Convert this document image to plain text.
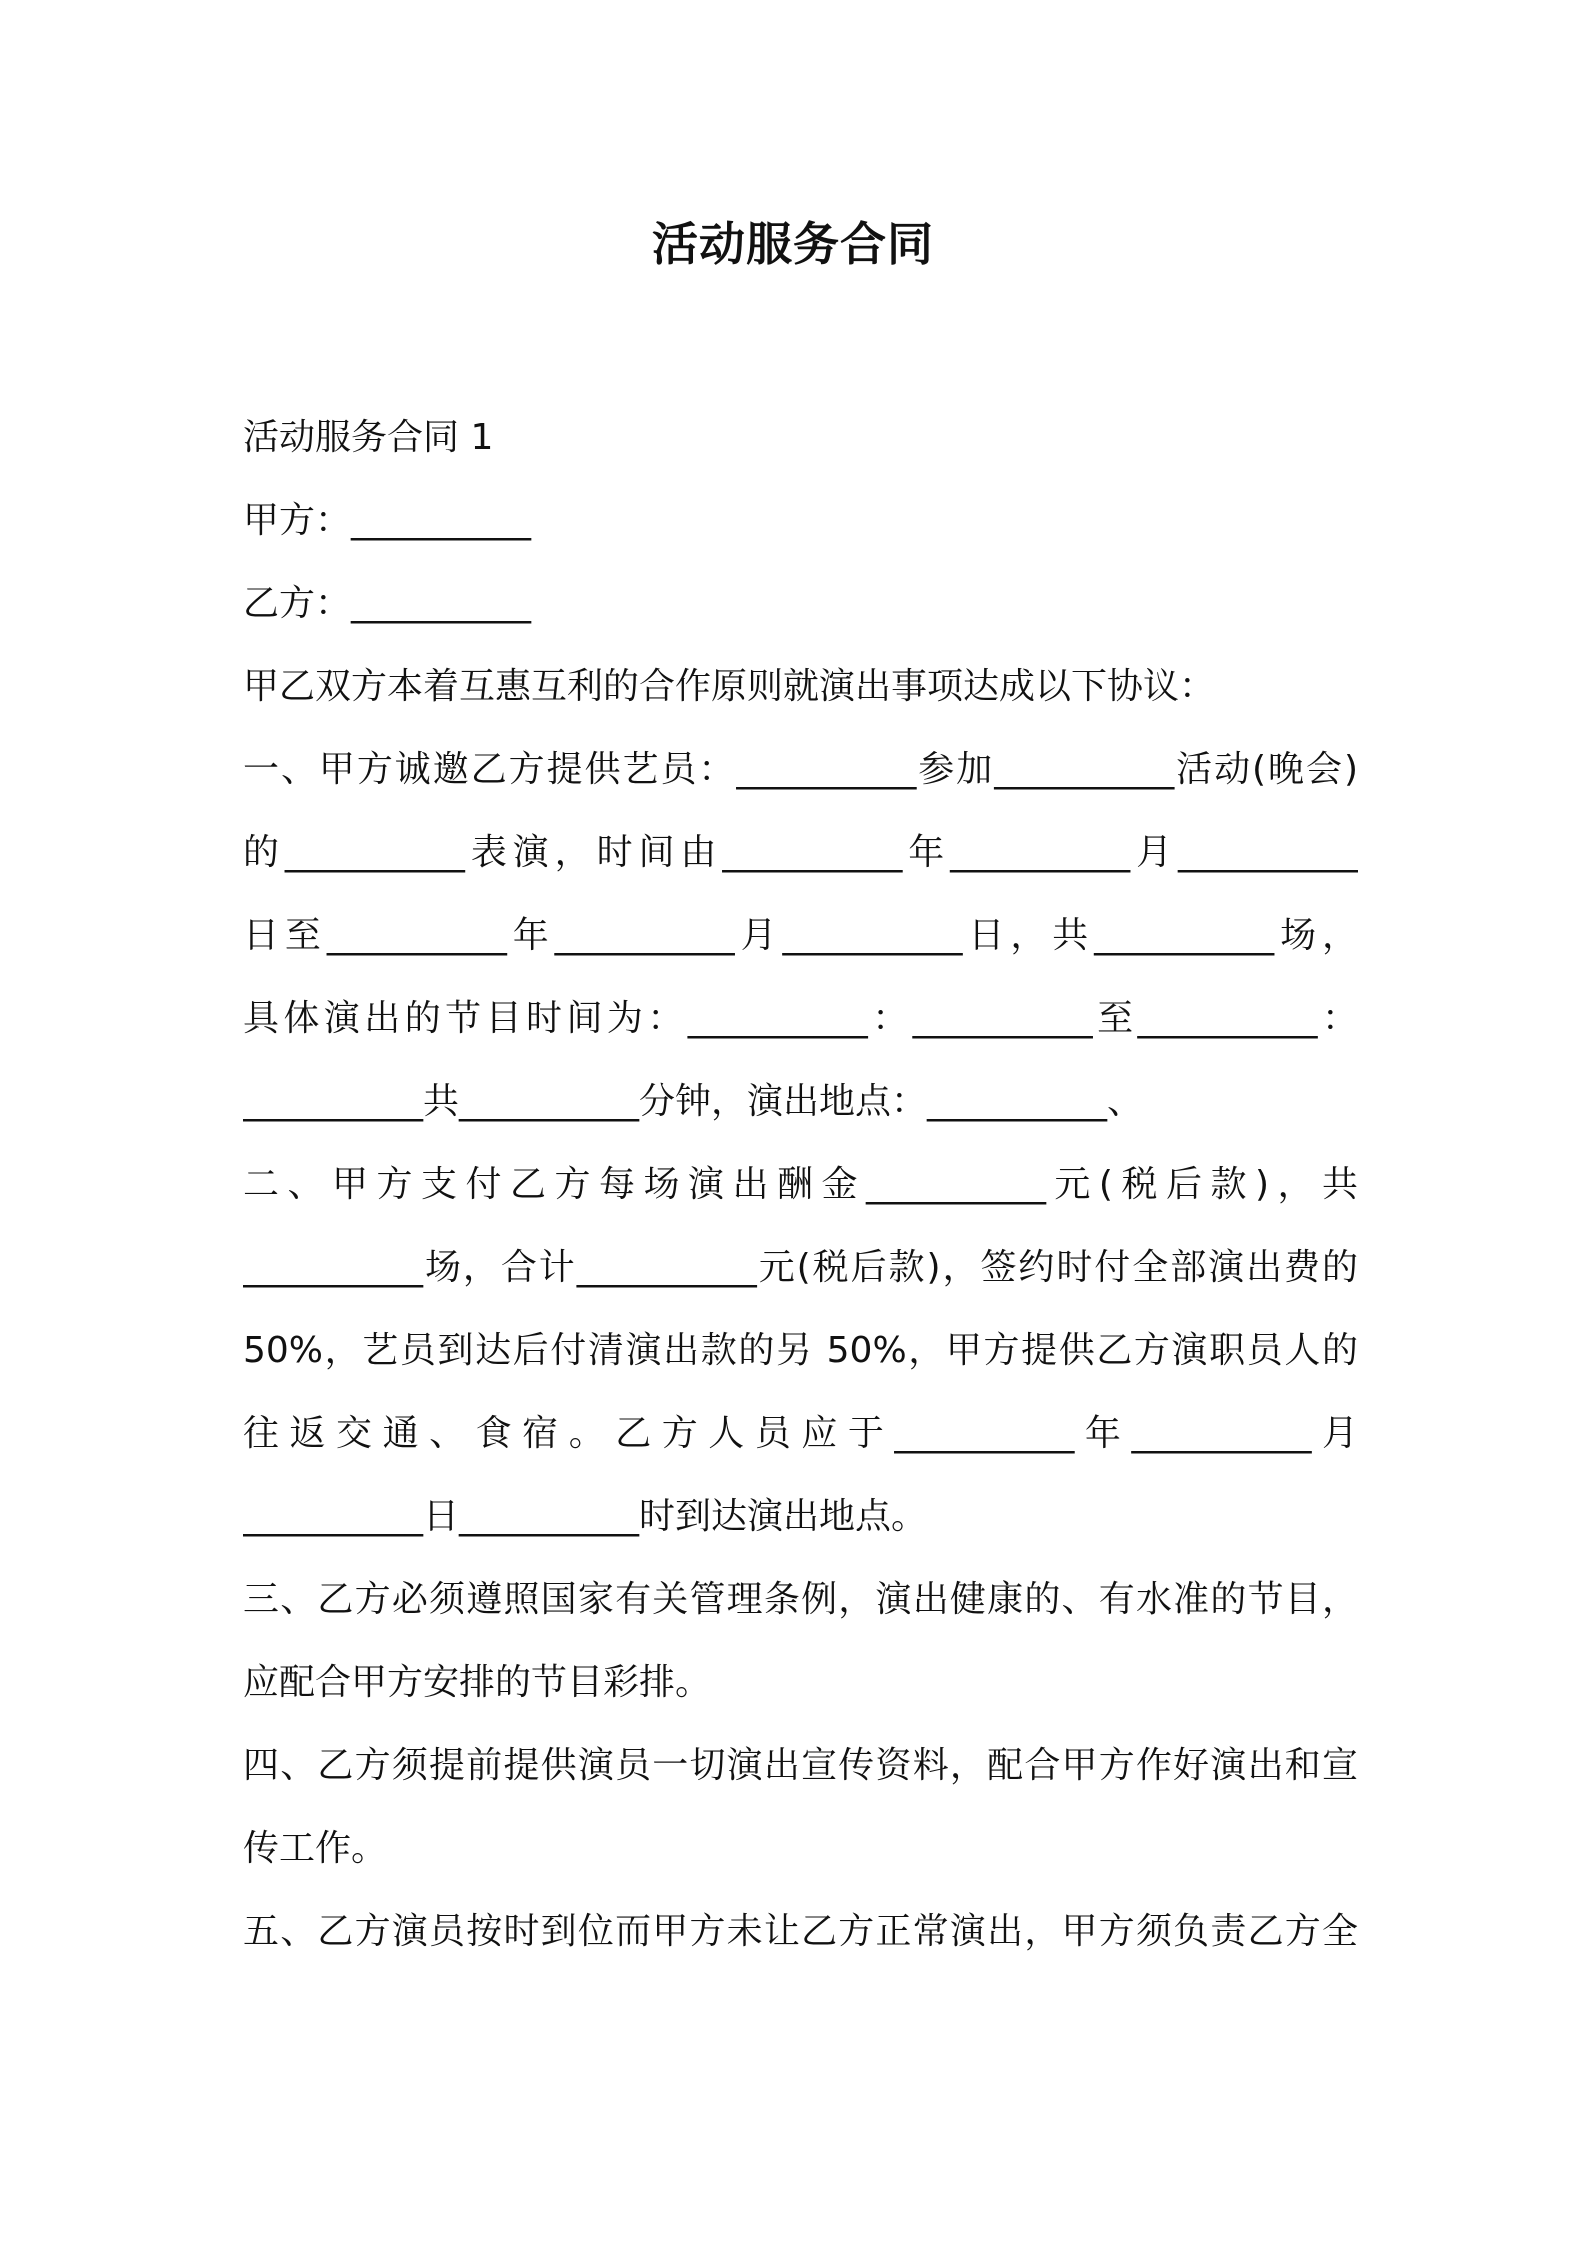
活动服务合同
活动服务合同 1
甲方：__________
乙方：__________
甲乙双方本着互惠互利的合作原则就演出事项达成以下协议：
一、甲方诚邀乙方提供艺员：__________参加__________活动(晚会)
的__________表演，时间由__________年__________月__________
日至__________年__________月__________日，共__________场，
具体演出的节目时间为：__________：__________至__________：
__________共__________分钟，演出地点：__________、
二、甲方支付乙方每场演出酬金__________元(税后款)，共
__________场，合计__________元(税后款)，签约时付全部演出费的
50%，艺员到达后付清演出款的另 50%，甲方提供乙方演职员人的
往返交通、食宿。乙方人员应于__________年__________月
__________日__________时到达演出地点。
三、乙方必须遵照国家有关管理条例，演出健康的、有水准的节目，
应配合甲方安排的节目彩排。
四、乙方须提前提供演员一切演出宣传资料，配合甲方作好演出和宣
传工作。
五、乙方演员按时到位而甲方未让乙方正常演出，甲方须负责乙方全
